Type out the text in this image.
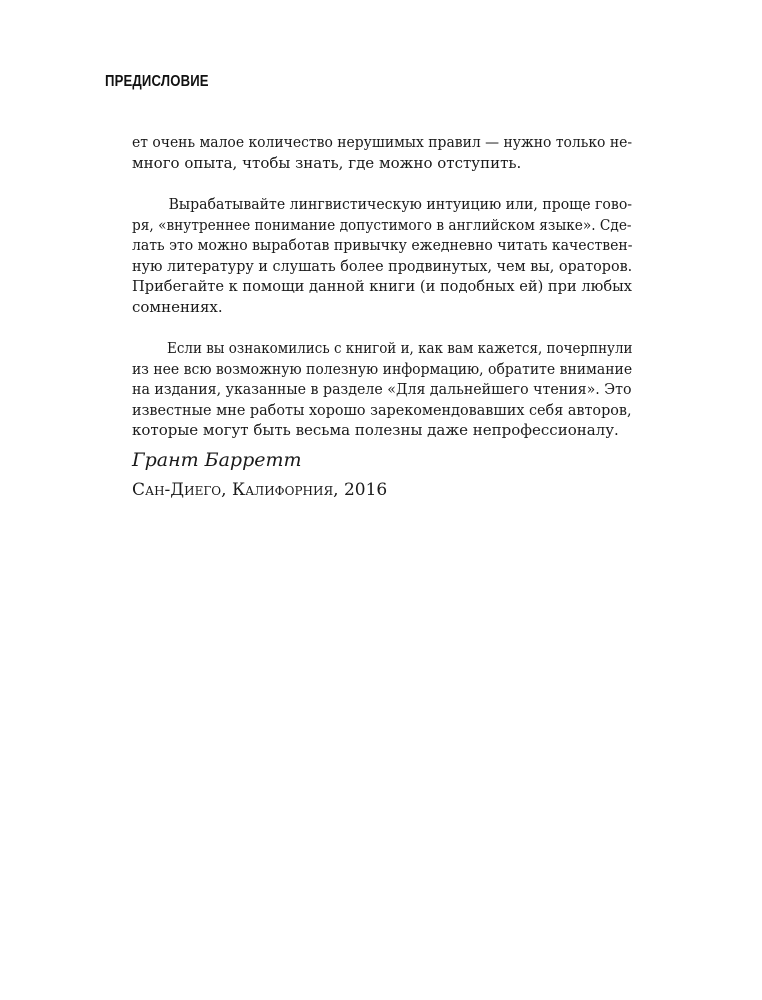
ПРЕДИСЛОВИЕ
ет очень малое количество нерушимых правил — нужно только не-
много опыта, чтобы знать, где можно отступить.
Вырабатывайте лингвистическую интуицию или, проще гово-
ря, «внутреннее понимание допустимого в английском языке». Сде-
лать это можно выработав привычку ежедневно читать качествен-
ную литературу и слушать более продвинутых, чем вы, ораторов.
Прибегайте к помощи данной книги (и подобных ей) при любых
сомнениях.
Если вы ознакомились с книгой и, как вам кажется, почерпнули
из нее всю возможную полезную информацию, обратите внимание
на издания, указанные в разделе «Для дальнейшего чтения». Это
известные мне работы хорошо зарекомендовавших себя авторов,
которые могут быть весьма полезны даже непрофессионалу.
Грант Барретт
Сан-Диего, Калифорния, 2016
